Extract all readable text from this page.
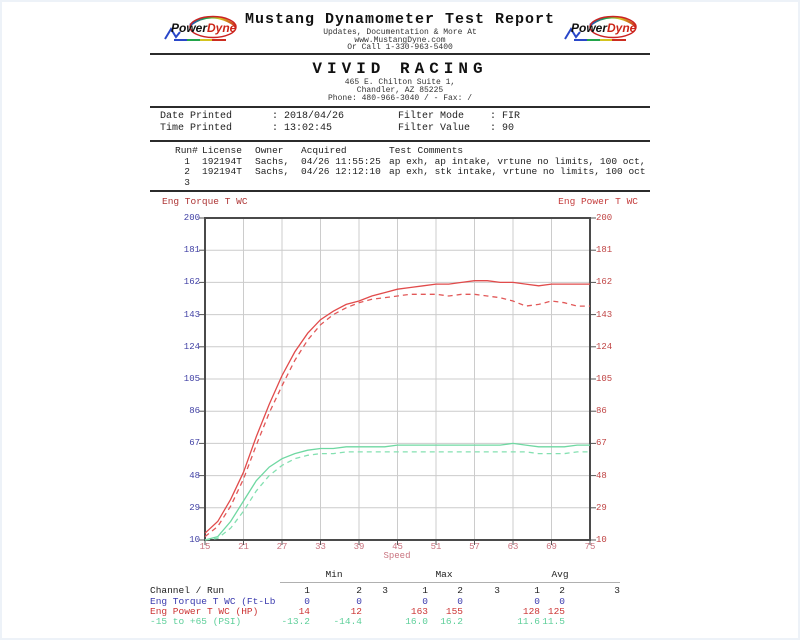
PowerDyne	PowerDyne
Mustang Dynamometer Test Report
Updates, Documentation & More At
www.MustangDyne.com
Or Call 1-330-963-5400
VIVID RACING
465 E. Chilton Suite 1,
Chandler, AZ 85225
Phone: 480-966-3040 / - Fax: /
Date Printed	: 2018/04/26	Filter Mode	: FIR
Time Printed	: 13:02:45	Filter Value : 90
Run#	License	Owner	Acquired	Test Comments
1	192194T	Sachs,	04/26 11:55:25	ap exh, ap intake, vrtune no limits, 100 oct,
2	192194T	Sachs,	04/26 12:12:10	ap exh, stk intake, vrtune no limits, 100 oct
3				
Eng Torque T WC	Eng Power T WC
Speed
	Min			Max			Avg		
Channel / Run	1	2	3	1	2	3	1	2	3
Eng Torque T WC (Ft-Lb	0	0		0	0		0	0	
Eng Power T WC (HP)	14	12		163	155		128	125	
-15 to +65 (PSI)	-13.2	-14.4		16.0	16.2		11.6	11.5	
200
181
162
143
124
105
86
67
48
29
10
200
181
162
143
124
105
86
67
48
29
10
15	21	27	33	39	45	51	57	63	69	75
